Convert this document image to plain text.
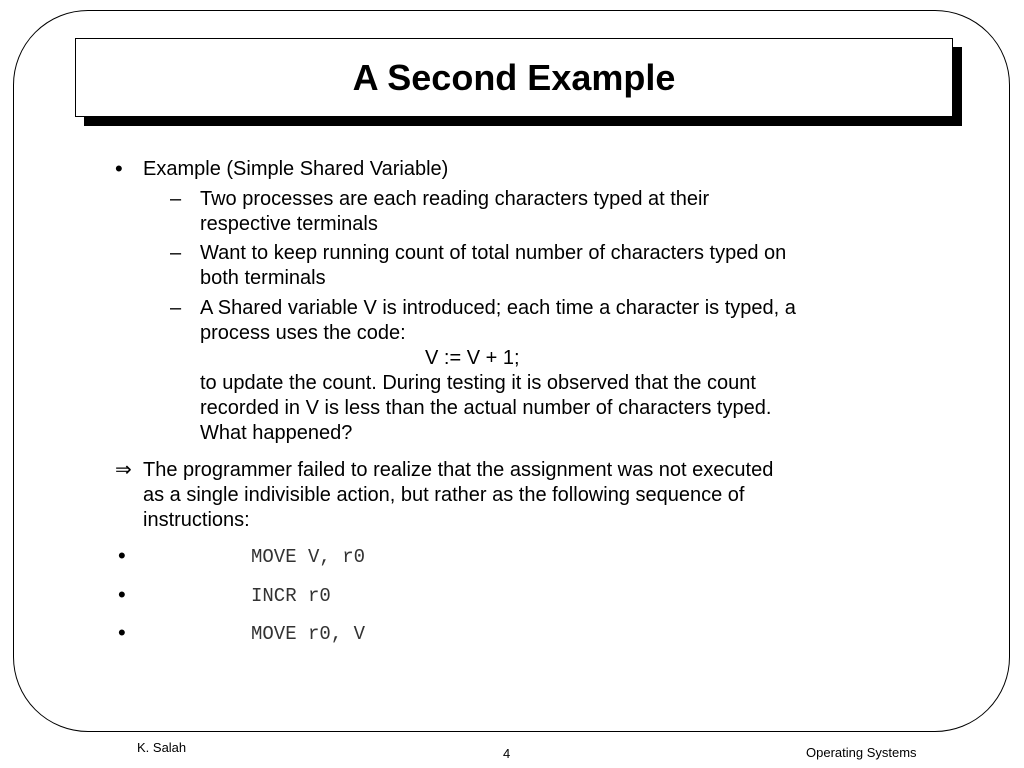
A Second Example
• Example (Simple Shared Variable)
– Two processes are each reading characters typed at their
respective terminals
– Want to keep running count of total number of characters typed on
both terminals
– A Shared variable V is introduced; each time a character is typed, a
process uses the code:
V := V + 1;
to update the count. During testing it is observed that the count
recorded in V is less than the actual number of characters typed.
What happened?
⇒ The programmer failed to realize that the assignment was not executed
as a single indivisible action, but rather as the following sequence of
instructions:
•	MOVE V, r0
•	INCR r0
•	MOVE r0, V
K. Salah	4	Operating Systems
